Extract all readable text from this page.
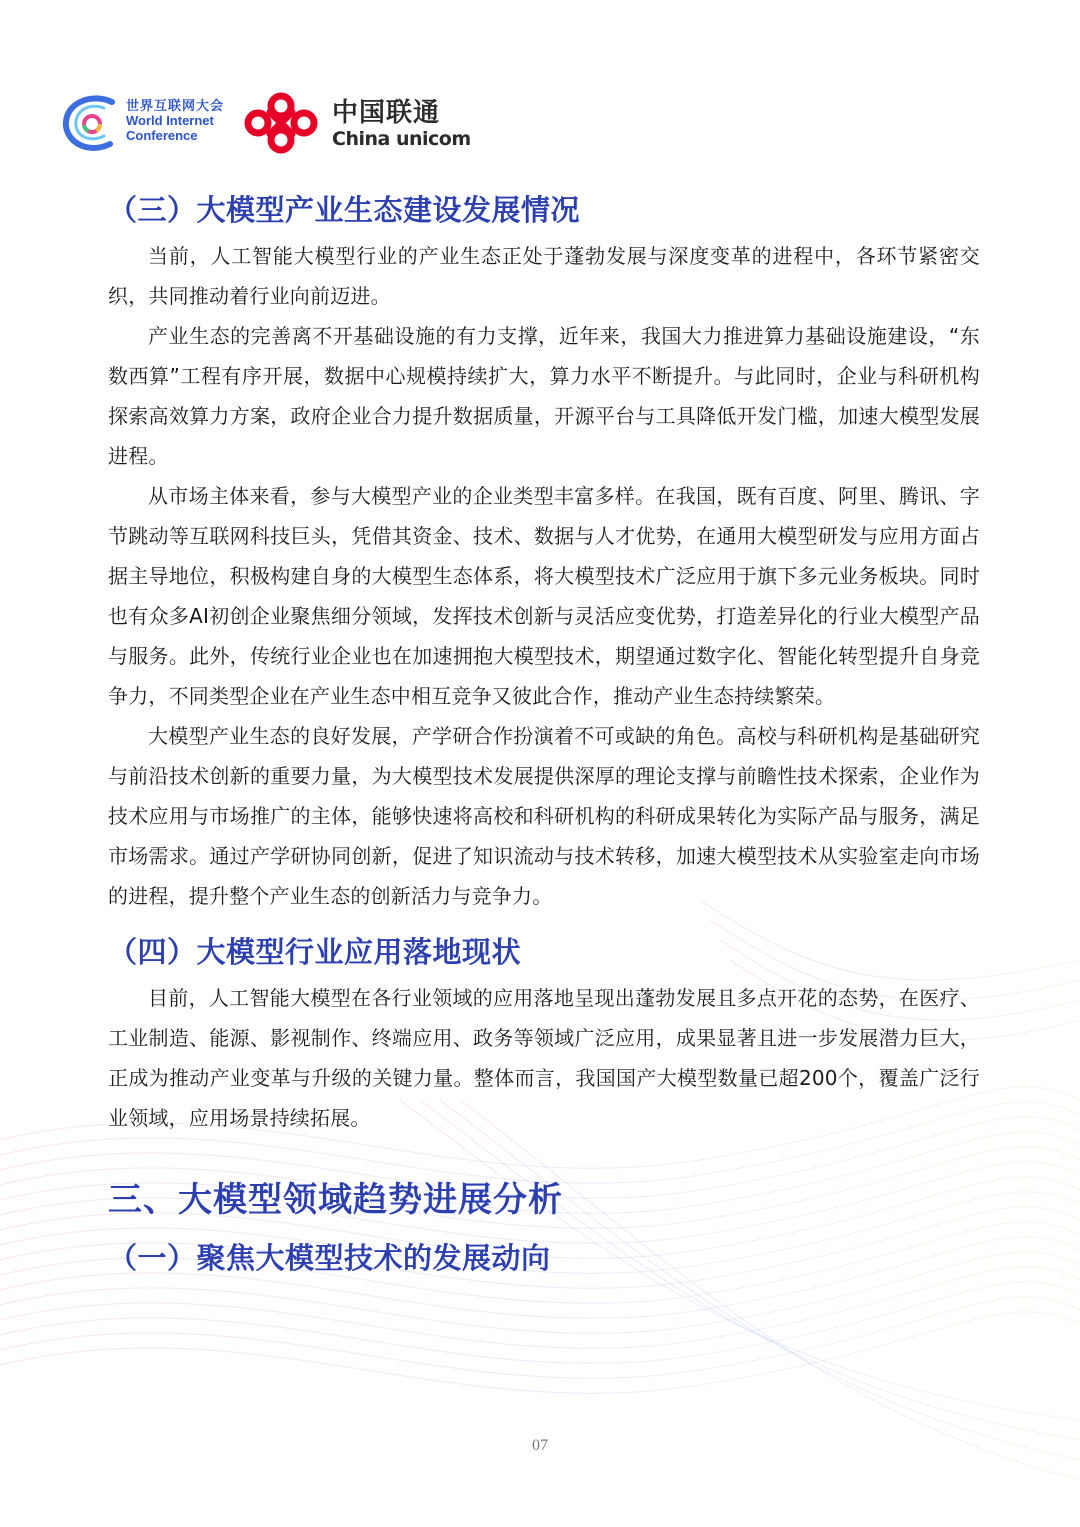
世界互联网大会
World Internet
Conference
中国联通
China unicom
（三）大模型产业生态建设发展情况

当前，人工智能大模型行业的产业生态正处于蓬勃发展与深度变革的进程中，各环节紧密交织，共同推动着行业向前迈进。

产业生态的完善离不开基础设施的有力支撑，近年来，我国大力推进算力基础设施建设，“东数西算”工程有序开展，数据中心规模持续扩大，算力水平不断提升。与此同时，企业与科研机构探索高效算力方案，政府企业合力提升数据质量，开源平台与工具降低开发门槛，加速大模型发展进程。

从市场主体来看，参与大模型产业的企业类型丰富多样。在我国，既有百度、阿里、腾讯、字节跳动等互联网科技巨头，凭借其资金、技术、数据与人才优势，在通用大模型研发与应用方面占据主导地位，积极构建自身的大模型生态体系，将大模型技术广泛应用于旗下多元业务板块。同时也有众多AI初创企业聚焦细分领域，发挥技术创新与灵活应变优势，打造差异化的行业大模型产品与服务。此外，传统行业企业也在加速拥抱大模型技术，期望通过数字化、智能化转型提升自身竞争力，不同类型企业在产业生态中相互竞争又彼此合作，推动产业生态持续繁荣。

大模型产业生态的良好发展，产学研合作扮演着不可或缺的角色。高校与科研机构是基础研究与前沿技术创新的重要力量，为大模型技术发展提供深厚的理论支撑与前瞻性技术探索，企业作为技术应用与市场推广的主体，能够快速将高校和科研机构的科研成果转化为实际产品与服务，满足市场需求。通过产学研协同创新，促进了知识流动与技术转移，加速大模型技术从实验室走向市场的进程，提升整个产业生态的创新活力与竞争力。

（四）大模型行业应用落地现状

目前，人工智能大模型在各行业领域的应用落地呈现出蓬勃发展且多点开花的态势，在医疗、工业制造、能源、影视制作、终端应用、政务等领域广泛应用，成果显著且进一步发展潜力巨大，正成为推动产业变革与升级的关键力量。整体而言，我国国产大模型数量已超200个，覆盖广泛行业领域，应用场景持续拓展。

三、大模型领域趋势进展分析
（一）聚焦大模型技术的发展动向
07
